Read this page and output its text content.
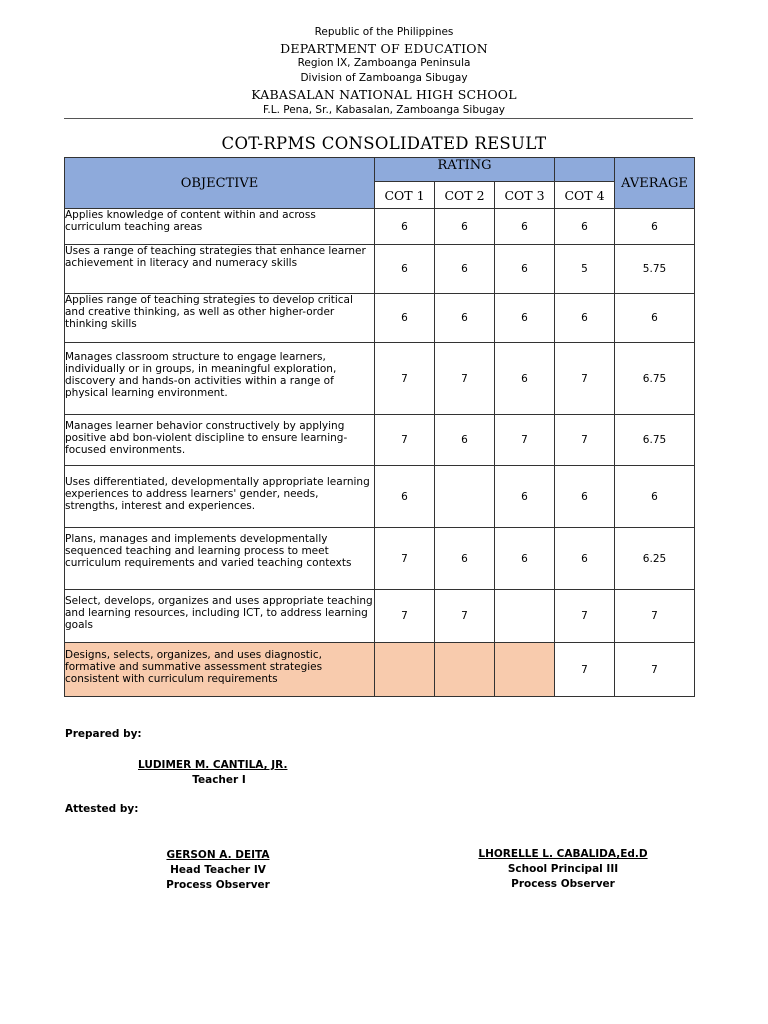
Republic of the Philippines
DEPARTMENT OF EDUCATION
Region IX, Zamboanga Peninsula
Division of Zamboanga Sibugay
KABASALAN NATIONAL HIGH SCHOOL
F.L. Pena, Sr., Kabasalan, Zamboanga Sibugay
COT-RPMS CONSOLIDATED RESULT
OBJECTIVE	RATING				AVERAGE
	COT 1	COT 2	COT 3	COT 4	
Applies knowledge of content within and across curriculum teaching areas	6	6	6	6	6
Uses a range of teaching strategies that enhance learner achievement in literacy and numeracy skills	6	6	6	5	5.75
Applies range of teaching strategies to develop critical and creative thinking, as well as other higher-order thinking skills	6	6	6	6	6
Manages classroom structure to engage learners, individually or in groups, in meaningful exploration, discovery and hands-on activities within a range of physical learning environment.	7	7	6	7	6.75
Manages learner behavior constructively by applying positive abd bon-violent discipline to ensure learning-focused environments.	7	6	7	7	6.75
Uses differentiated, developmentally appropriate learning experiences to address learners' gender, needs, strengths, interest and experiences.	6		6	6	6
Plans, manages and implements developmentally sequenced teaching and learning process to meet curriculum requirements and varied teaching contexts	7	6	6	6	6.25
Select, develops, organizes and uses appropriate teaching and learning resources, including ICT, to address learning goals	7	7		7	7
Designs, selects, organizes, and uses diagnostic, formative and summative assessment strategies consistent with curriculum requirements				7	7
Prepared by:
LUDIMER M. CANTILA, JR.
Teacher I
Attested by:
GERSON A. DEITA
Head Teacher IV
Process Observer
LHORELLE L. CABALIDA,Ed.D
School Principal III
Process Observer
